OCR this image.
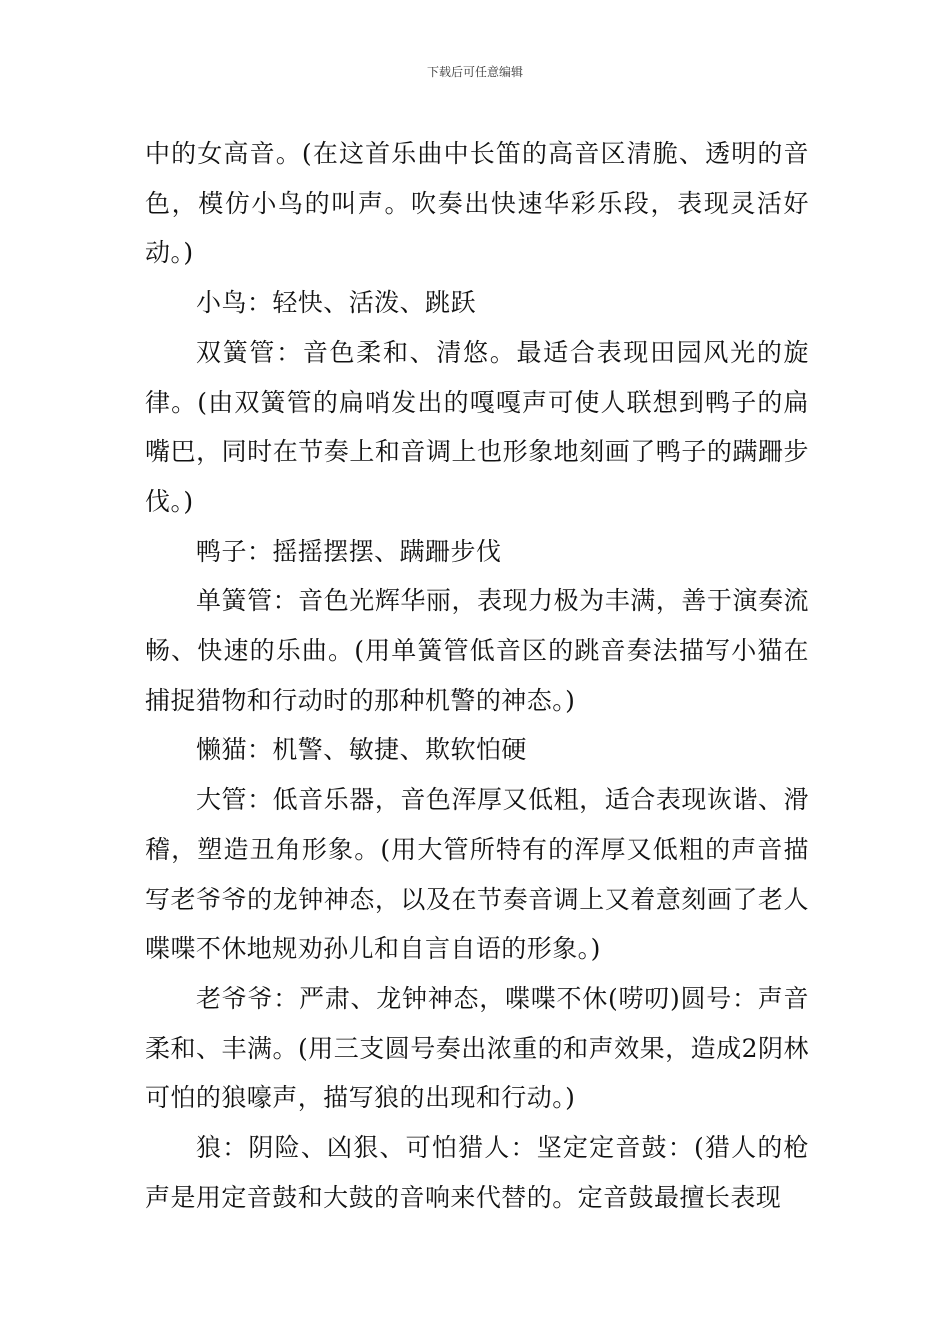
下载后可任意编辑

中的女高音。(在这首乐曲中长笛的高音区清脆、透明的音色，模仿小鸟的叫声。吹奏出快速华彩乐段，表现灵活好动。)

小鸟：轻快、活泼、跳跃

双簧管：音色柔和、清悠。最适合表现田园风光的旋律。(由双簧管的扁哨发出的嘎嘎声可使人联想到鸭子的扁嘴巴，同时在节奏上和音调上也形象地刻画了鸭子的蹒跚步伐。)

鸭子：摇摇摆摆、蹒跚步伐

单簧管：音色光辉华丽，表现力极为丰满，善于演奏流畅、快速的乐曲。(用单簧管低音区的跳音奏法描写小猫在捕捉猎物和行动时的那种机警的神态。)

懒猫：机警、敏捷、欺软怕硬

大管：低音乐器，音色浑厚又低粗，适合表现诙谐、滑稽，塑造丑角形象。(用大管所特有的浑厚又低粗的声音描写老爷爷的龙钟神态，以及在节奏音调上又着意刻画了老人喋喋不休地规劝孙儿和自言自语的形象。)

老爷爷：严肃、龙钟神态，喋喋不休(唠叨)圆号：声音柔和、丰满。(用三支圆号奏出浓重的和声效果，造成2阴林可怕的狼嚎声，描写狼的出现和行动。)

狼：阴险、凶狠、可怕猎人：坚定定音鼓：(猎人的枪声是用定音鼓和大鼓的音响来代替的。定音鼓最擅长表现
